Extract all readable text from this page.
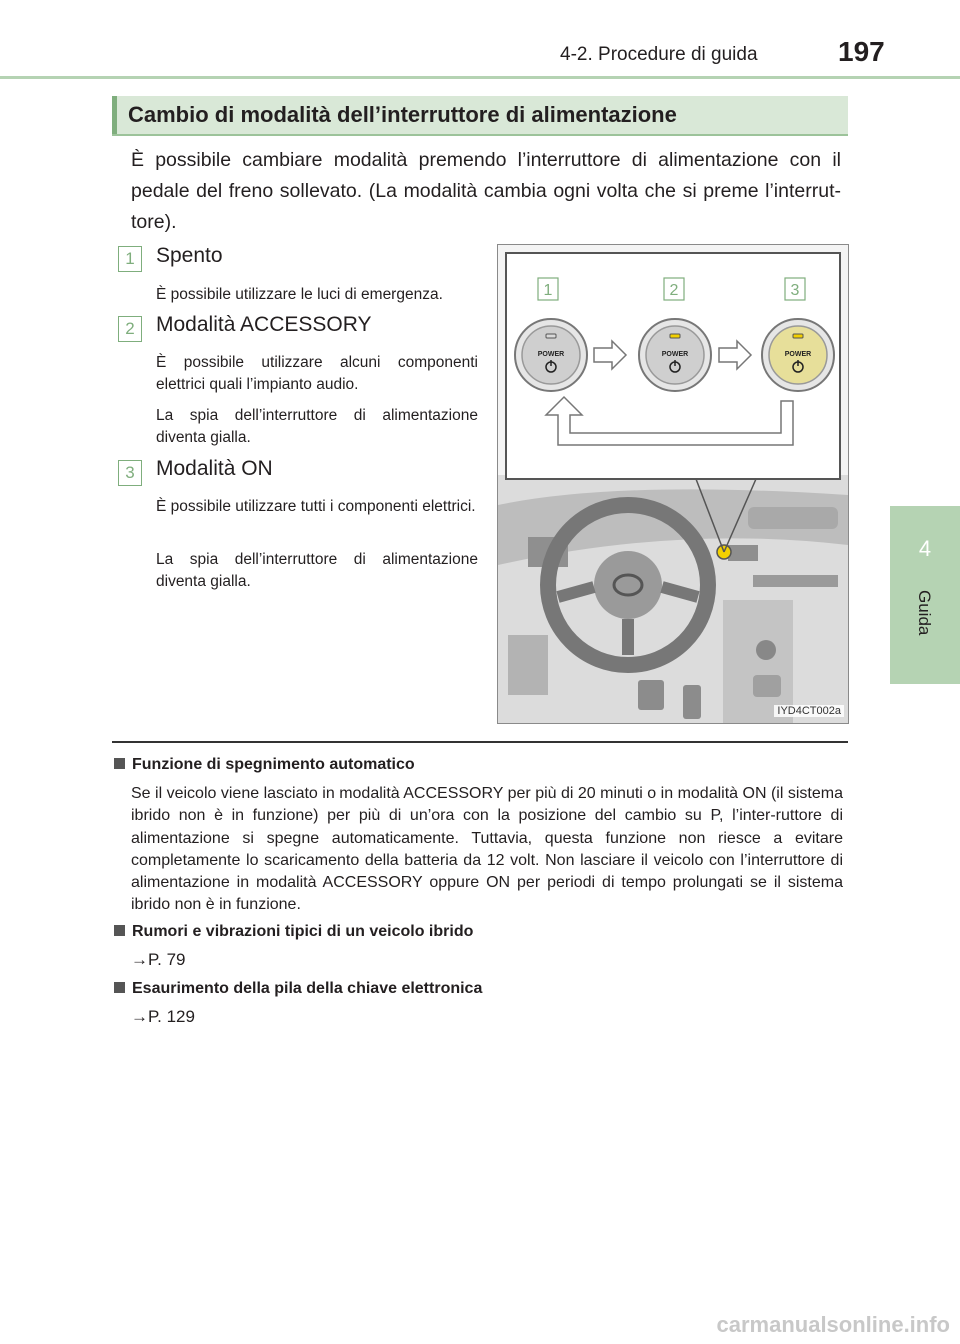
4-2. Procedure di guida	197
4
Guida
Cambio di modalità dell’interruttore di alimentazione
È possibile cambiare modalità premendo l’interruttore di alimentazione con il pedale del freno sollevato. (La modalità cambia ogni volta che si preme l’interrut-tore).
1	Spento
È possibile utilizzare le luci di emergenza.
2	Modalità ACCESSORY
È possibile utilizzare alcuni componenti elettrici quali l’impianto audio.
La spia dell’interruttore di alimentazione diventa gialla.
3	Modalità ON
È possibile utilizzare tutti i componenti elettrici.
La spia dell’interruttore di alimentazione diventa gialla.
POWER	POWER	POWER
1	2	3
IYD4CT002a
Funzione di spegnimento automatico
Se il veicolo viene lasciato in modalità ACCESSORY per più di 20 minuti o in modalità ON (il sistema ibrido non è in funzione) per più di un’ora con la posizione del cambio su P, l’inter-ruttore di alimentazione si spegne automaticamente. Tuttavia, questa funzione non riesce a evitare completamente lo scaricamento della batteria da 12 volt. Non lasciare il veicolo con l’interruttore di alimentazione in modalità ACCESSORY oppure ON per periodi di tempo prolungati se il sistema ibrido non è in funzione.
Rumori e vibrazioni tipici di un veicolo ibrido
→P. 79
Esaurimento della pila della chiave elettronica
→P. 129
carmanualsonline.info
